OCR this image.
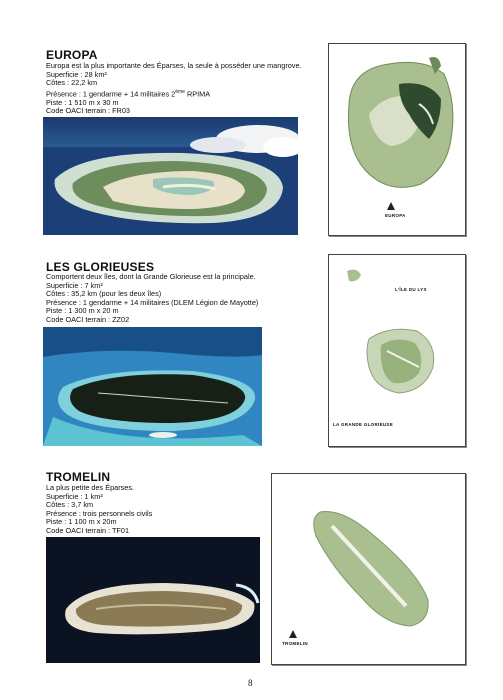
EUROPA
Europa est la plus importante des Éparses, la seule à posséder une mangrove.
Superficie : 28 km²
Côtes : 22,2 km
Présence : 1 gendarme + 14 militaires 2ème RPIMA
Piste : 1 510 m x 30 m
Code OACI terrain : FR03
EUROPA
LES GLORIEUSES
Comportent deux îles, dont la Grande Glorieuse est la principale.
Superficie : 7 km²
Côtes : 35,2 km (pour les deux îles)
Présence : 1 gendarme + 14 militaires (DLEM Légion de Mayotte)
Piste : 1 300 m x 20 m
Code OACI terrain : ZZ02
L'ÎLE DU LYS
LA GRANDE GLORIEUSE
TROMELIN
La plus petite des Éparses.
Superficie : 1 km²
Côtes : 3,7 km
Présence : trois personnels civils
Piste : 1 100 m x 20m
Code OACI terrain : TF01
TROMELIN
8
